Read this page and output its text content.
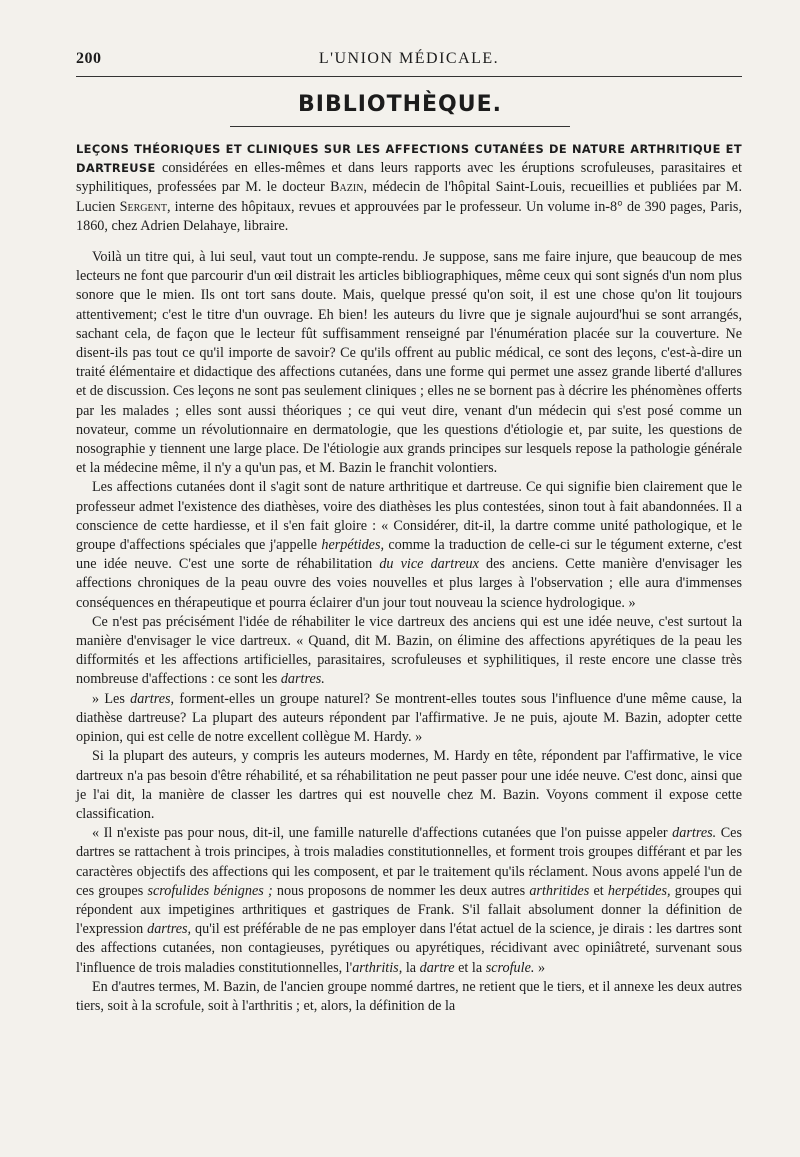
200	L'UNION MÉDICALE.
BIBLIOTHÈQUE.

LEÇONS THÉORIQUES ET CLINIQUES SUR LES AFFECTIONS CUTANÉES DE NATURE ARTHRITIQUE ET DARTREUSE considérées en elles-mêmes et dans leurs rapports avec les éruptions scrofuleuses, parasitaires et syphilitiques, professées par M. le docteur Bazin, médecin de l'hôpital Saint-Louis, recueillies et publiées par M. Lucien Sergent, interne des hôpitaux, revues et approuvées par le professeur. Un volume in-8° de 390 pages, Paris, 1860, chez Adrien Delahaye, libraire.

Voilà un titre qui, à lui seul, vaut tout un compte-rendu. Je suppose, sans me faire injure, que beaucoup de mes lecteurs ne font que parcourir d'un œil distrait les articles bibliographiques, même ceux qui sont signés d'un nom plus sonore que le mien. Ils ont tort sans doute. Mais, quelque pressé qu'on soit, il est une chose qu'on lit toujours attentivement; c'est le titre d'un ouvrage. Eh bien! les auteurs du livre que je signale aujourd'hui se sont arrangés, sachant cela, de façon que le lecteur fût suffisamment renseigné par l'énumération placée sur la couverture. Ne disent-ils pas tout ce qu'il importe de savoir? Ce qu'ils offrent au public médical, ce sont des leçons, c'est-à-dire un traité élémentaire et didactique des affections cutanées, dans une forme qui permet une assez grande liberté d'allures et de discussion. Ces leçons ne sont pas seulement cliniques ; elles ne se bornent pas à décrire les phénomènes offerts par les malades ; elles sont aussi théoriques ; ce qui veut dire, venant d'un médecin qui s'est posé comme un novateur, comme un révolutionnaire en dermatologie, que les questions d'étiologie et, par suite, les questions de nosographie y tiennent une large place. De l'étiologie aux grands principes sur lesquels repose la pathologie générale et la médecine même, il n'y a qu'un pas, et M. Bazin le franchit volontiers.

Les affections cutanées dont il s'agit sont de nature arthritique et dartreuse. Ce qui signifie bien clairement que le professeur admet l'existence des diathèses, voire des diathèses les plus contestées, sinon tout à fait abandonnées. Il a conscience de cette hardiesse, et il s'en fait gloire : « Considérer, dit-il, la dartre comme unité pathologique, et le groupe d'affections spéciales que j'appelle herpétides, comme la traduction de celle-ci sur le tégument externe, c'est une idée neuve. C'est une sorte de réhabilitation du vice dartreux des anciens. Cette manière d'envisager les affections chroniques de la peau ouvre des voies nouvelles et plus larges à l'observation ; elle aura d'immenses conséquences en thérapeutique et pourra éclairer d'un jour tout nouveau la science hydrologique. »

Ce n'est pas précisément l'idée de réhabiliter le vice dartreux des anciens qui est une idée neuve, c'est surtout la manière d'envisager le vice dartreux. « Quand, dit M. Bazin, on élimine des affections apyrétiques de la peau les difformités et les affections artificielles, parasitaires, scrofuleuses et syphilitiques, il reste encore une classe très nombreuse d'affections : ce sont les dartres.

» Les dartres, forment-elles un groupe naturel? Se montrent-elles toutes sous l'influence d'une même cause, la diathèse dartreuse? La plupart des auteurs répondent par l'affirmative. Je ne puis, ajoute M. Bazin, adopter cette opinion, qui est celle de notre excellent collègue M. Hardy. »

Si la plupart des auteurs, y compris les auteurs modernes, M. Hardy en tête, répondent par l'affirmative, le vice dartreux n'a pas besoin d'être réhabilité, et sa réhabilitation ne peut passer pour une idée neuve. C'est donc, ainsi que je l'ai dit, la manière de classer les dartres qui est nouvelle chez M. Bazin. Voyons comment il expose cette classification.

« Il n'existe pas pour nous, dit-il, une famille naturelle d'affections cutanées que l'on puisse appeler dartres. Ces dartres se rattachent à trois principes, à trois maladies constitutionnelles, et forment trois groupes différant et par les caractères objectifs des affections qui les composent, et par le traitement qu'ils réclament. Nous avons appelé l'un de ces groupes scrofulides bénignes ; nous proposons de nommer les deux autres arthritides et herpétides, groupes qui répondent aux impetigines arthritiques et gastriques de Frank. S'il fallait absolument donner la définition de l'expression dartres, qu'il est préférable de ne pas employer dans l'état actuel de la science, je dirais : les dartres sont des affections cutanées, non contagieuses, pyrétiques ou apyrétiques, récidivant avec opiniâtreté, survenant sous l'influence de trois maladies constitutionnelles, l'arthritis, la dartre et la scrofule. »

En d'autres termes, M. Bazin, de l'ancien groupe nommé dartres, ne retient que le tiers, et il annexe les deux autres tiers, soit à la scrofule, soit à l'arthritis ; et, alors, la définition de la
